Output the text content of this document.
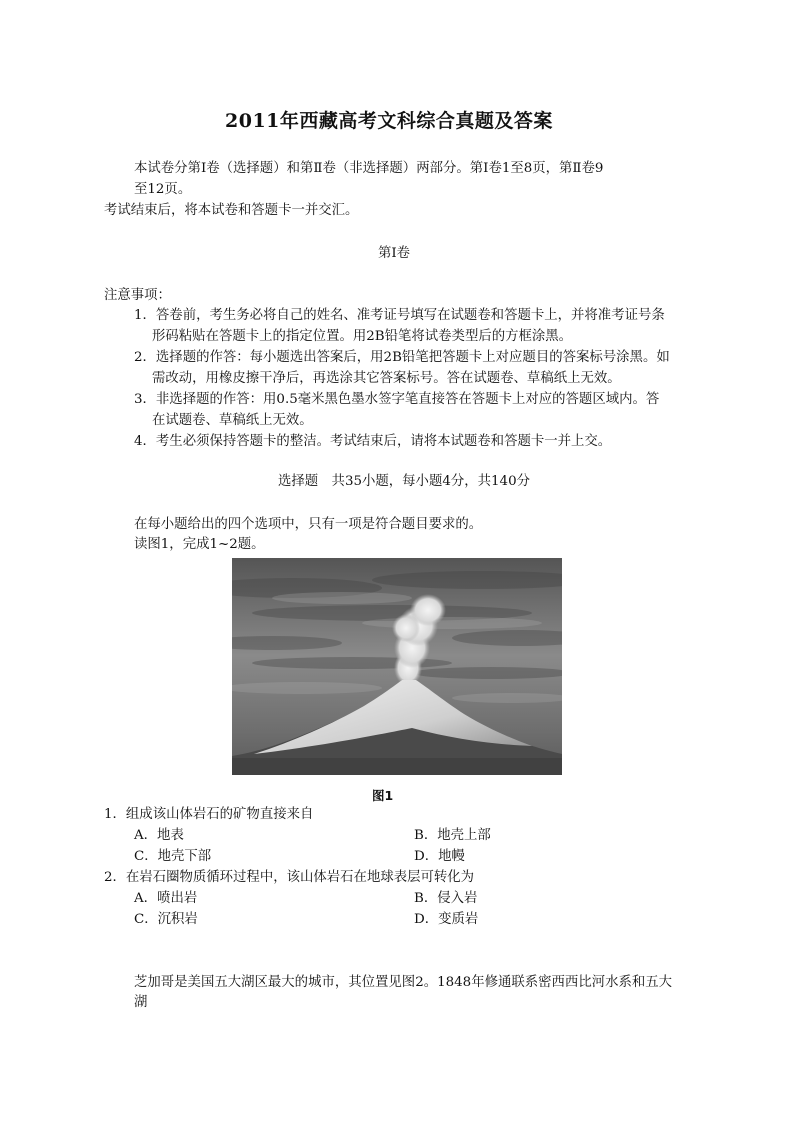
2011年西藏高考文科综合真题及答案
本试卷分第Ⅰ卷（选择题）和第Ⅱ卷（非选择题）两部分。第Ⅰ卷1至8页，第Ⅱ卷9
至12页。
考试结束后，将本试卷和答题卡一并交汇。
第Ⅰ卷
注意事项：
1．答卷前，考生务必将自己的姓名、准考证号填写在试题卷和答题卡上，并将准考证号条
形码粘贴在答题卡上的指定位置。用2B铅笔将试卷类型后的方框涂黑。
2．选择题的作答：每小题选出答案后，用2B铅笔把答题卡上对应题目的答案标号涂黑。如
需改动，用橡皮擦干净后，再选涂其它答案标号。答在试题卷、草稿纸上无效。
3．非选择题的作答：用0.5毫米黑色墨水签字笔直接答在答题卡上对应的答题区域内。答
在试题卷、草稿纸上无效。
4．考生必须保持答题卡的整洁。考试结束后，请将本试题卷和答题卡一并上交。
选择题　共35小题，每小题4分，共140分
在每小题给出的四个选项中，只有一项是符合题目要求的。
读图1，完成1~2题。
图1
1．组成该山体岩石的矿物直接来自
A．地表	B．地壳上部
C．地壳下部	D．地幔
2．在岩石圈物质循环过程中，该山体岩石在地球表层可转化为
A．喷出岩	B．侵入岩
C．沉积岩	D．变质岩
芝加哥是美国五大湖区最大的城市，其位置见图2。1848年修通联系密西西比河水系和五大
湖
